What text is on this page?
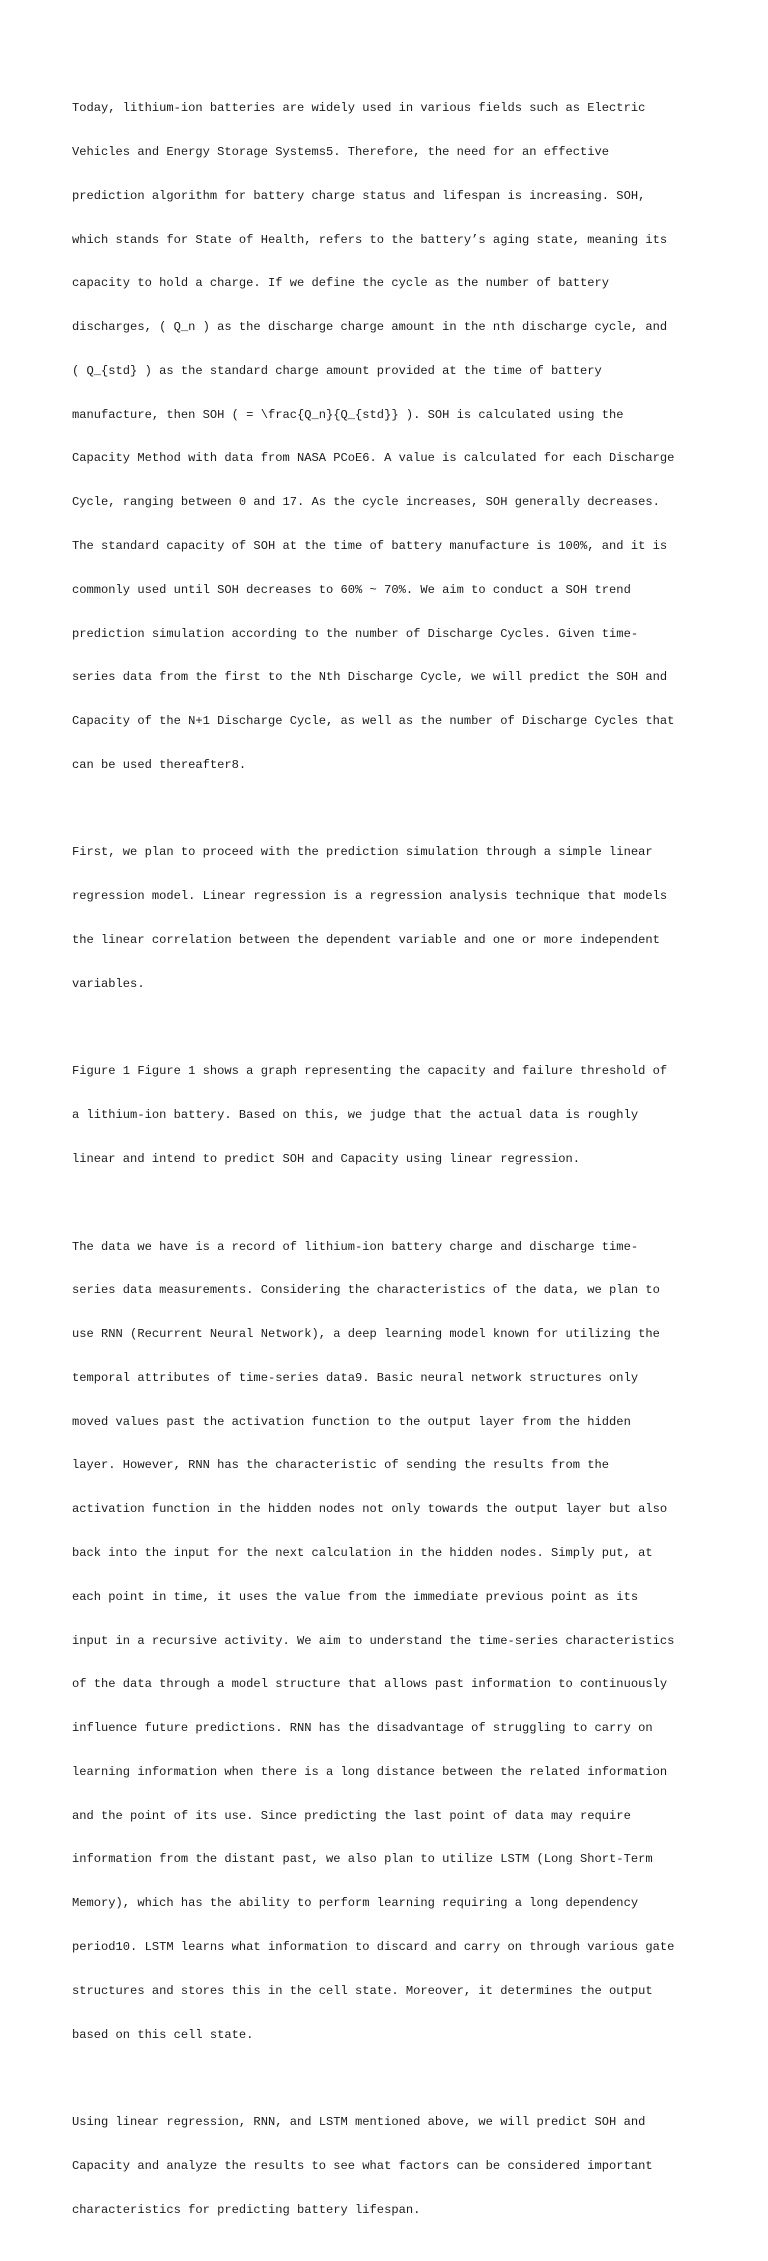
Today, lithium-ion batteries are widely used in various fields such as Electric

Vehicles and Energy Storage Systems5. Therefore, the need for an effective

prediction algorithm for battery charge status and lifespan is increasing. SOH,

which stands for State of Health, refers to the battery’s aging state, meaning its

capacity to hold a charge. If we define the cycle as the number of battery

discharges, ( Q_n ) as the discharge charge amount in the nth discharge cycle, and

( Q_{std} ) as the standard charge amount provided at the time of battery

manufacture, then SOH ( = \frac{Q_n}{Q_{std}} ). SOH is calculated using the

Capacity Method with data from NASA PCoE6. A value is calculated for each Discharge

Cycle, ranging between 0 and 17. As the cycle increases, SOH generally decreases.

The standard capacity of SOH at the time of battery manufacture is 100%, and it is

commonly used until SOH decreases to 60% ~ 70%. We aim to conduct a SOH trend

prediction simulation according to the number of Discharge Cycles. Given time-

series data from the first to the Nth Discharge Cycle, we will predict the SOH and

Capacity of the N+1 Discharge Cycle, as well as the number of Discharge Cycles that

can be used thereafter8.

First, we plan to proceed with the prediction simulation through a simple linear

regression model. Linear regression is a regression analysis technique that models

the linear correlation between the dependent variable and one or more independent

variables.

Figure 1 Figure 1 shows a graph representing the capacity and failure threshold of

a lithium-ion battery. Based on this, we judge that the actual data is roughly

linear and intend to predict SOH and Capacity using linear regression.

The data we have is a record of lithium-ion battery charge and discharge time-

series data measurements. Considering the characteristics of the data, we plan to

use RNN (Recurrent Neural Network), a deep learning model known for utilizing the

temporal attributes of time-series data9. Basic neural network structures only

moved values past the activation function to the output layer from the hidden

layer. However, RNN has the characteristic of sending the results from the

activation function in the hidden nodes not only towards the output layer but also

back into the input for the next calculation in the hidden nodes. Simply put, at

each point in time, it uses the value from the immediate previous point as its

input in a recursive activity. We aim to understand the time-series characteristics

of the data through a model structure that allows past information to continuously

influence future predictions. RNN has the disadvantage of struggling to carry on

learning information when there is a long distance between the related information

and the point of its use. Since predicting the last point of data may require

information from the distant past, we also plan to utilize LSTM (Long Short-Term

Memory), which has the ability to perform learning requiring a long dependency

period10. LSTM learns what information to discard and carry on through various gate

structures and stores this in the cell state. Moreover, it determines the output

based on this cell state.

Using linear regression, RNN, and LSTM mentioned above, we will predict SOH and

Capacity and analyze the results to see what factors can be considered important

characteristics for predicting battery lifespan.
